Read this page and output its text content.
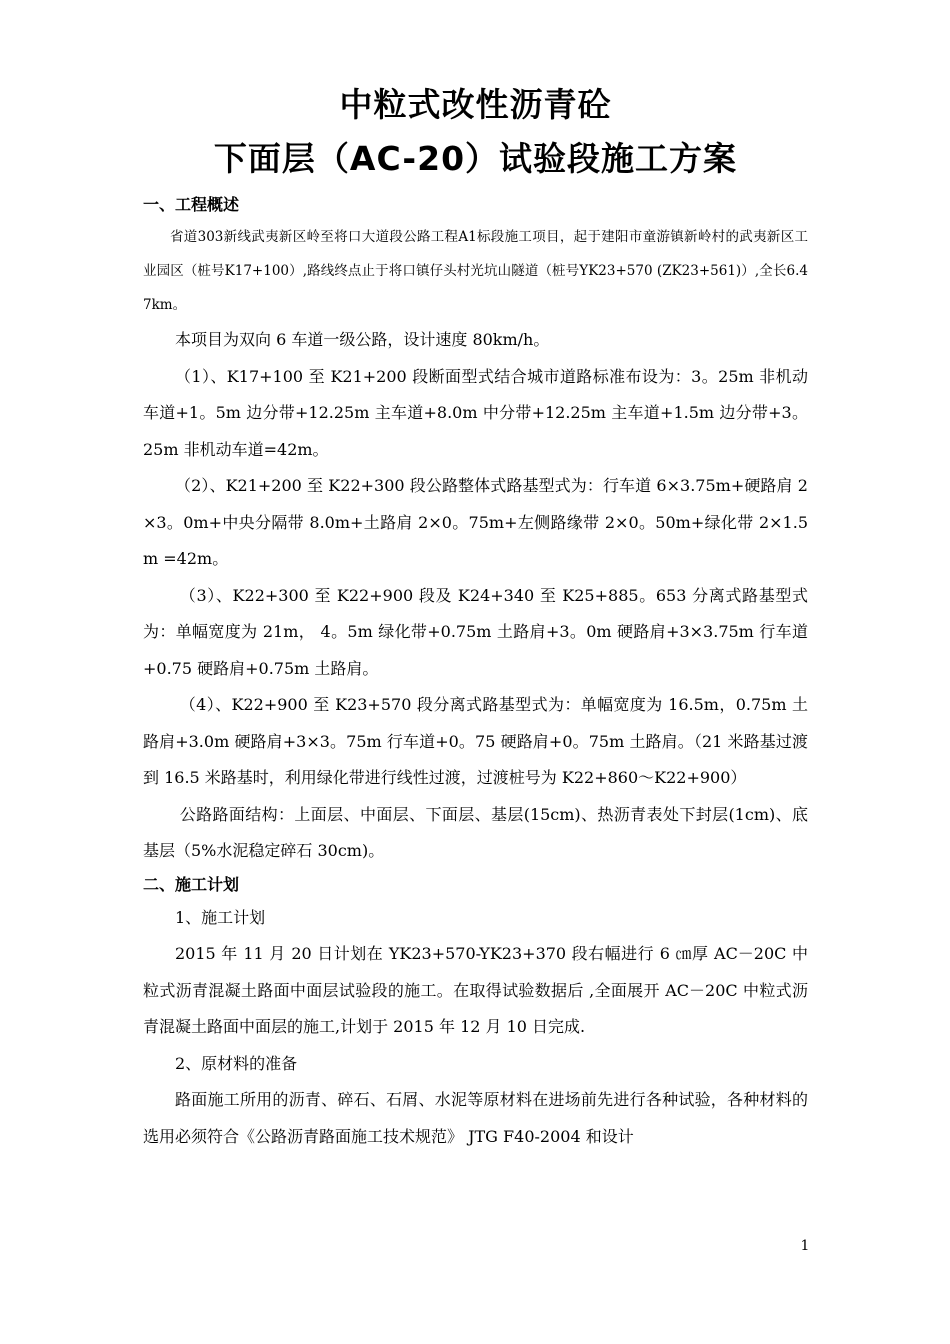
中粒式改性沥青砼
下面层（AC-20）试验段施工方案
一、工程概述

省道303新线武夷新区岭至将口大道段公路工程A1标段施工项目，起于建阳市童游镇新岭村的武夷新区工业园区（桩号K17+100）,路线终点止于将口镇仔头村光坑山隧道（桩号YK23+570 (ZK23+561)）,全长6.47km。

本项目为双向 6 车道一级公路，设计速度 80km/h。

（1）、K17+100 至 K21+200 段断面型式结合城市道路标准布设为：3。25m 非机动车道+1。5m 边分带+12.25m 主车道+8.0m 中分带+12.25m 主车道+1.5m 边分带+3。25m 非机动车道=42m。

（2）、K21+200 至 K22+300 段公路整体式路基型式为：行车道 6×3.75m+硬路肩 2×3。0m+中央分隔带 8.0m+土路肩 2×0。75m+左侧路缘带 2×0。50m+绿化带 2×1.5m =42m。

（3）、K22+300 至 K22+900 段及 K24+340 至 K25+885。653 分离式路基型式为：单幅宽度为 21m， 4。5m 绿化带+0.75m 土路肩+3。0m 硬路肩+3×3.75m 行车道+0.75 硬路肩+0.75m 土路肩。

（4）、K22+900 至 K23+570 段分离式路基型式为：单幅宽度为 16.5m，0.75m 土路肩+3.0m 硬路肩+3×3。75m 行车道+0。75 硬路肩+0。75m 土路肩。（21 米路基过渡到 16.5 米路基时，利用绿化带进行线性过渡，过渡桩号为 K22+860～K22+900）

公路路面结构：上面层、中面层、下面层、基层(15cm)、热沥青表处下封层(1cm)、底基层（5%水泥稳定碎石 30cm)。

二、施工计划

1、施工计划

2015 年 11 月 20 日计划在 YK23+570-YK23+370 段右幅进行 6 ㎝厚 AC－20C 中粒式沥青混凝土路面中面层试验段的施工。在取得试验数据后 ,全面展开 AC－20C 中粒式沥青混凝土路面中面层的施工,计划于 2015 年 12 月 10 日完成.

2、原材料的准备

路面施工所用的沥青、碎石、石屑、水泥等原材料在进场前先进行各种试验，各种材料的选用必须符合《公路沥青路面施工技术规范》 JTG F40-2004 和设计

1
